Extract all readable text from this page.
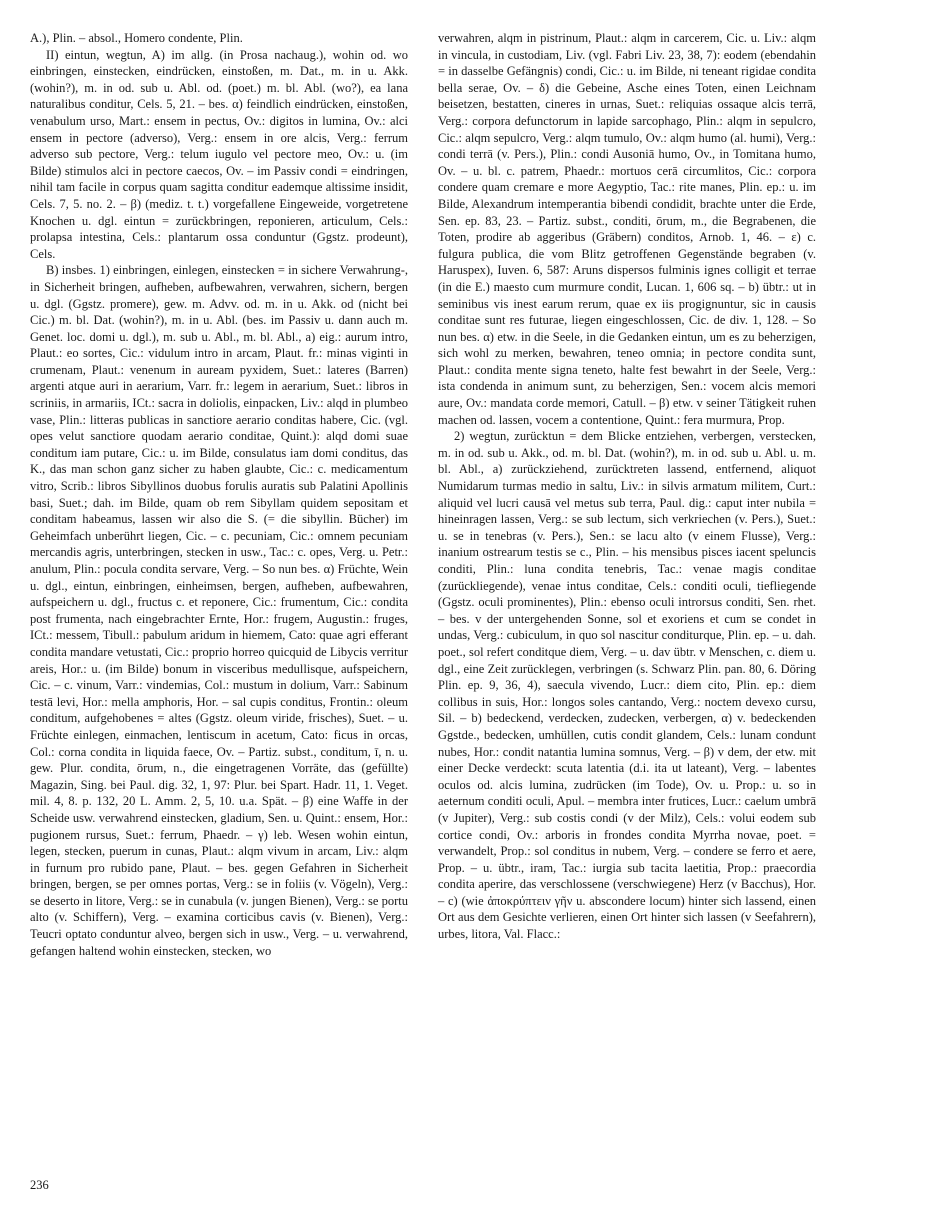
A.), Plin. – absol., Homero condente, Plin.

II) eintun, wegtun, A) im allg. (in Prosa nachaug.), wohin od. wo einbringen, einstecken, eindrücken, einstoßen, m. Dat., m. in u. Akk. (wohin?), m. in od. sub u. Abl. od. (poet.) m. bl. Abl. (wo?), ea lana naturalibus conditur, Cels. 5, 21. – bes. α) feindlich eindrücken, einstoßen, venabulum urso, Mart.: ensem in pectus, Ov.: digitos in lumina, Ov.: alci ensem in pectore (adverso), Verg.: ensem in ore alcis, Verg.: ferrum adverso sub pectore, Verg.: telum iugulo vel pectore meo, Ov.: u. (im Bilde) stimulos alci in pectore caecos, Ov. – im Passiv condi = eindringen, nihil tam facile in corpus quam sagitta conditur eademque altissime insidit, Cels. 7, 5. no. 2. – β) (mediz. t. t.) vorgefallene Eingeweide, vorgetretene Knochen u. dgl. eintun = zurückbringen, reponieren, articulum, Cels.: prolapsa intestina, Cels.: plantarum ossa conduntur (Ggstz. prodeunt), Cels.

B) insbes. 1) einbringen, einlegen, einstecken = in sichere Verwahrung-, in Sicherheit bringen, aufheben, aufbewahren, verwahren, sichern, bergen u. dgl. (Ggstz. promere), gew. m. Advv. od. m. in u. Akk. od (nicht bei Cic.) m. bl. Dat. (wohin?), m. in u. Abl. (bes. im Passiv u. dann auch m. Genet. loc. domi u. dgl.), m. sub u. Abl., m. bl. Abl., a) eig.: aurum intro, Plaut.: eo sortes, Cic.: vidulum intro in arcam, Plaut. fr.: minas viginti in crumenam, Plaut.: venenum in auream pyxidem, Suet.: lateres (Barren) argenti atque auri in aerarium, Varr. fr.: legem in aerarium, Suet.: libros in scriniis, in armariis, ICt.: sacra in doliolis, einpacken, Liv.: alqd in plumbeo vase, Plin.: litteras publicas in sanctiore aerario conditas habere, Cic. (vgl. opes velut sanctiore quodam aerario conditae, Quint.): alqd domi suae conditum iam putare, Cic.: u. im Bilde, consulatus iam domi conditus, das K., das man schon ganz sicher zu haben glaubte, Cic.: c. medicamentum vitro, Scrib.: libros Sibyllinos duobus forulis auratis sub Palatini Apollinis basi, Suet.; dah. im Bilde, quam ob rem Sibyllam quidem sepositam et conditam habeamus, lassen wir also die S. (= die sibyllin. Bücher) im Geheimfach unberührt liegen, Cic. – c. pecuniam, Cic.: omnem pecuniam mercandis agris, unterbringen, stecken in usw., Tac.: c. opes, Verg. u. Petr.: anulum, Plin.: pocula condita servare, Verg. – So nun bes. α) Früchte, Wein u. dgl., eintun, einbringen, einheimsen, bergen, aufheben, aufbewahren, aufspeichern u. dgl., fructus c. et reponere, Cic.: frumentum, Cic.: condita post frumenta, nach eingebrachter Ernte, Hor.: frugem, Augustin.: fruges, ICt.: messem, Tibull.: pabulum aridum in hiemem, Cato: quae agri efferant condita mandare vetustati, Cic.: proprio horreo quicquid de Libycis verritur areis, Hor.: u. (im Bilde) bonum in visceribus medullisque, aufspeichern, Cic. – c. vinum, Varr.: vindemias, Col.: mustum in dolium, Varr.: Sabinum testā levi, Hor.: mella amphoris, Hor. – sal cupis conditus, Frontin.: oleum conditum, aufgehobenes = altes (Ggstz. oleum viride, frisches), Suet. – u. Früchte einlegen, einmachen, lentiscum in acetum, Cato: ficus in orcas, Col.: corna condita in liquida faece, Ov. – Partiz. subst., conditum, ī, n. u. gew. Plur. condita, ōrum, n., die eingetragenen Vorräte, das (gefüllte) Magazin, Sing. bei Paul. dig. 32, 1, 97: Plur. bei Spart. Hadr. 11, 1. Veget. mil. 4, 8. p. 132, 20 L. Amm. 2, 5, 10. u.a. Spät. – β) eine Waffe in der Scheide usw. verwahrend einstecken, gladium, Sen. u. Quint.: ensem, Hor.: pugionem rursus, Suet.: ferrum, Phaedr. – γ) leb. Wesen wohin eintun, legen, stecken, puerum in cunas, Plaut.: alqm vivum in arcam, Liv.: alqm in furnum pro rubido pane, Plaut. – bes. gegen Gefahren in Sicherheit bringen, bergen, se per omnes portas, Verg.: se in foliis (v. Vögeln), Verg.: se deserto in litore, Verg.: se in cunabula (v. jungen Bienen), Verg.: se portu alto (v. Schiffern), Verg. – examina corticibus cavis (v. Bienen), Verg.: Teucri optato conduntur alveo, bergen sich in usw., Verg. – u. verwahrend, gefangen haltend wohin einstecken, stecken, wo

verwahren, alqm in pistrinum, Plaut.: alqm in carcerem, Cic. u. Liv.: alqm in vincula, in custodiam, Liv. (vgl. Fabri Liv. 23, 38, 7): eodem (ebendahin = in dasselbe Gefängnis) condi, Cic.: u. im Bilde, ni teneant rigidae condita bella serae, Ov. – δ) die Gebeine, Asche eines Toten, einen Leichnam beisetzen, bestatten, cineres in urnas, Suet.: reliquias ossaque alcis terrā, Verg.: corpora defunctorum in lapide sarcophago, Plin.: alqm in sepulcro, Cic.: alqm sepulcro, Verg.: alqm tumulo, Ov.: alqm humo (al. humi), Verg.: condi terrā (v. Pers.), Plin.: condi Ausoniā humo, Ov., in Tomitana humo, Ov. – u. bl. c. patrem, Phaedr.: mortuos cerā circumlitos, Cic.: corpora condere quam cremare e more Aegyptio, Tac.: rite manes, Plin. ep.: u. im Bilde, Alexandrum intemperantia bibendi condidit, brachte unter die Erde, Sen. ep. 83, 23. – Partiz. subst., conditi, ōrum, m., die Begrabenen, die Toten, prodire ab aggeribus (Gräbern) conditos, Arnob. 1, 46. – ε) c. fulgura publica, die vom Blitz getroffenen Gegenstände begraben (v. Haruspex), Iuven. 6, 587: Aruns dispersos fulminis ignes colligit et terrae (in die E.) maesto cum murmure condit, Lucan. 1, 606 sq. – b) übtr.: ut in seminibus vis inest earum rerum, quae ex iis progignuntur, sic in causis conditae sunt res futurae, liegen eingeschlossen, Cic. de div. 1, 128. – So nun bes. α) etw. in die Seele, in die Gedanken eintun, um es zu beherzigen, sich wohl zu merken, bewahren, teneo omnia; in pectore condita sunt, Plaut.: condita mente signa teneto, halte fest bewahrt in der Seele, Verg.: ista condenda in animum sunt, zu beherzigen, Sen.: vocem alcis memori aure, Ov.: mandata corde memori, Catull. – β) etw. v seiner Tätigkeit ruhen machen od. lassen, vocem a contentione, Quint.: fera murmura, Prop.

2) wegtun, zurücktun = dem Blicke entziehen, verbergen, verstecken, m. in od. sub u. Akk., od. m. bl. Dat. (wohin?), m. in od. sub u. Abl. u. m. bl. Abl., a) zurückziehend, zurücktreten lassend, entfernend, aliquot Numidarum turmas medio in saltu, Liv.: in silvis armatum militem, Curt.: aliquid vel lucri causā vel metus sub terra, Paul. dig.: caput inter nubila = hineinragen lassen, Verg.: se sub lectum, sich verkriechen (v. Pers.), Suet.: u. se in tenebras (v. Pers.), Sen.: se lacu alto (v einem Flusse), Verg.: inanium ostrearum testis se c., Plin. – his mensibus pisces iacent speluncis conditi, Plin.: luna condita tenebris, Tac.: venae magis conditae (zurückliegende), venae intus conditae, Cels.: conditi oculi, tiefliegende (Ggstz. oculi prominentes), Plin.: ebenso oculi introrsus conditi, Sen. rhet. – bes. v der untergehenden Sonne, sol et exoriens et cum se condet in undas, Verg.: cubiculum, in quo sol nascitur conditurque, Plin. ep. – u. dah. poet., sol refert conditque diem, Verg. – u. dav übtr. v Menschen, c. diem u. dgl., eine Zeit zurücklegen, verbringen (s. Schwarz Plin. pan. 80, 6. Döring Plin. ep. 9, 36, 4), saecula vivendo, Lucr.: diem cito, Plin. ep.: diem collibus in suis, Hor.: longos soles cantando, Verg.: noctem devexo cursu, Sil. – b) bedeckend, verdecken, zudecken, verbergen, α) v. bedeckenden Ggstde., bedecken, umhüllen, cutis condit glandem, Cels.: lunam condunt nubes, Hor.: condit natantia lumina somnus, Verg. – β) v dem, der etw. mit einer Decke verdeckt: scuta latentia (d.i. ita ut lateant), Verg. – labentes oculos od. alcis lumina, zudrücken (im Tode), Ov. u. Prop.: u. so in aeternum conditi oculi, Apul. – membra inter frutices, Lucr.: caelum umbrā (v Jupiter), Verg.: sub costis condi (v der Milz), Cels.: volui eodem sub cortice condi, Ov.: arboris in frondes condita Myrrha novae, poet. = verwandelt, Prop.: sol conditus in nubem, Verg. – condere se ferro et aere, Prop. – u. übtr., iram, Tac.: iurgia sub tacita laetitia, Prop.: praecordia condita aperire, das verschlossene (verschwiegene) Herz (v Bacchus), Hor. – c) (wie ἀποκρύπτειν γῆν u. abscondere locum) hinter sich lassend, einen Ort aus dem Gesichte verlieren, einen Ort hinter sich lassen (v Seefahrern), urbes, litora, Val. Flacc.:

236
